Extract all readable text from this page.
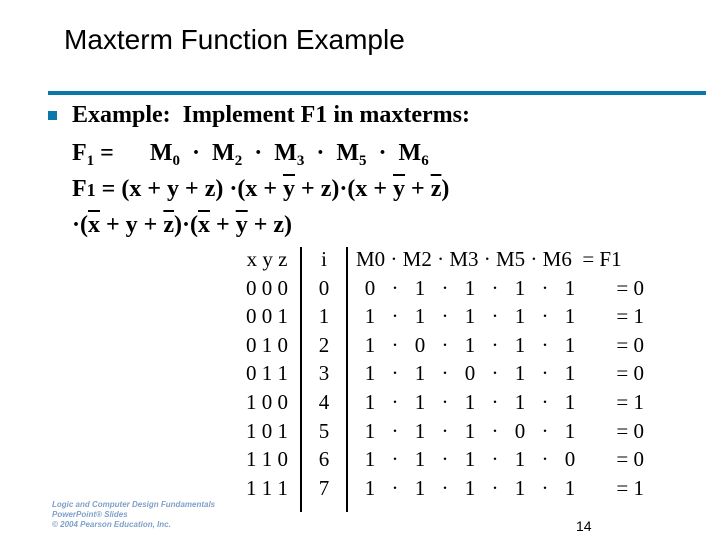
Maxterm Function Example
Example: Implement F1 in maxterms:
$F_1$ =      $M_0 \cdot M_2 \cdot M_3 \cdot M_5 \cdot M_6$
$F1 = (x + y + z) \cdot(x + \overline{y} + z)\cdot(x + \overline{y} + \overline{z})$
$\cdot(\overline{x} + y + \overline{z})\cdot(\overline{x} + \overline{y} + z)$
x y z
0 0 0
0 0 1
0 1 0
0 1 1
1 0 0
1 0 1
1 1 0
1 1 1
i
0
1
2
3
4
5
6
7
M0 · M2 · M3 · M5 · M6  = F1
0 · 1 · 1 · 1 · 1 = 0
1 · 1 · 1 · 1 · 1 = 1
1 · 0 · 1 · 1 · 1 = 0
1 · 1 · 0 · 1 · 1 = 0
1 · 1 · 1 · 1 · 1 = 1
1 · 1 · 1 · 0 · 1 = 0
1 · 1 · 1 · 1 · 0 = 0
1 · 1 · 1 · 1 · 1 = 1
Logic and Computer Design Fundamentals
PowerPoint® Slides
© 2004 Pearson Education, Inc.	14
